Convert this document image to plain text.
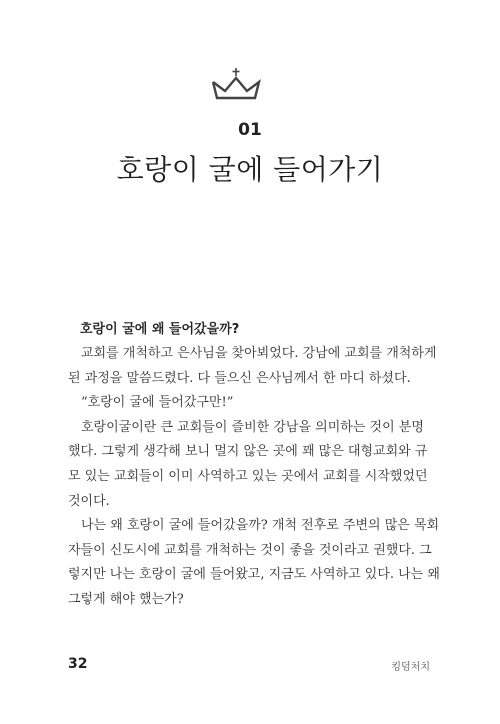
01
호랑이 굴에 들어가기
호랑이 굴에 왜 들어갔을까?
교회를 개척하고 은사님을 찾아뵈었다. 강남에 교회를 개척하게
된 과정을 말씀드렸다. 다 들으신 은사님께서 한 마디 하셨다.
“호랑이 굴에 들어갔구만!”
호랑이굴이란 큰 교회들이 즐비한 강남을 의미하는 것이 분명
했다. 그렇게 생각해 보니 멀지 않은 곳에 꽤 많은 대형교회와 규
모 있는 교회들이 이미 사역하고 있는 곳에서 교회를 시작했었던
것이다.
나는 왜 호랑이 굴에 들어갔을까? 개척 전후로 주변의 많은 목회
자들이 신도시에 교회를 개척하는 것이 좋을 것이라고 권했다. 그
렇지만 나는 호랑이 굴에 들어왔고, 지금도 사역하고 있다. 나는 왜
그렇게 해야 했는가?
32	킹덤처치
